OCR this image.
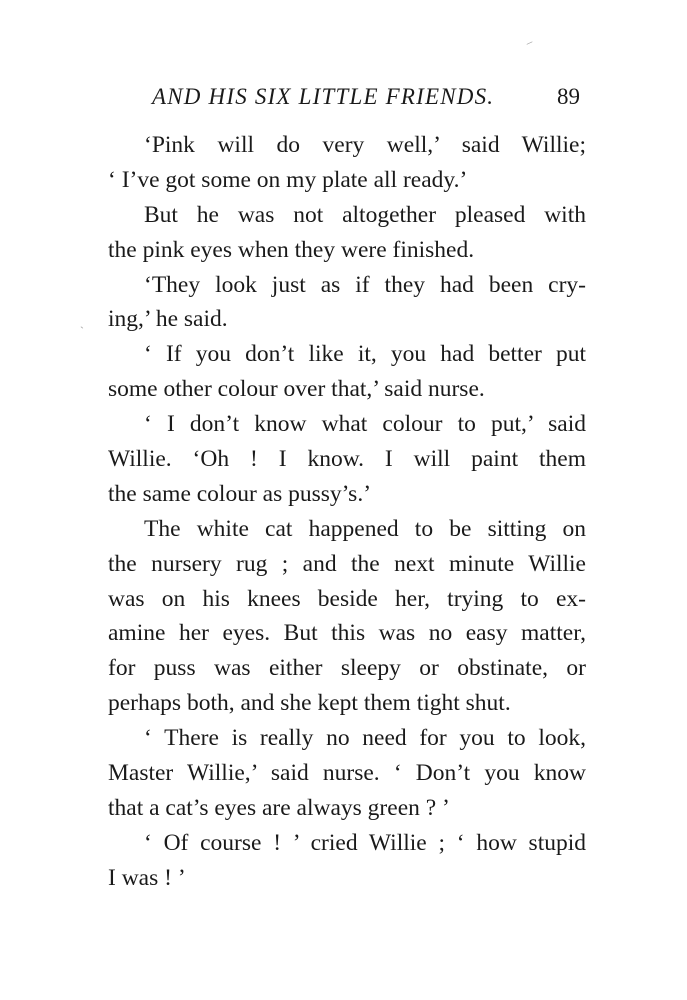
–
ˎ
AND HIS SIX LITTLE FRIENDS.	89
‘Pink will do very well,’ said Willie;
‘ I’ve got some on my plate all ready.’
But he was not altogether pleased with
the pink eyes when they were finished.
‘They look just as if they had been cry-
ing,’ he said.
‘ If you don’t like it, you had better put
some other colour over that,’ said nurse.
‘ I don’t know what colour to put,’ said
Willie. ‘Oh ! I know. I will paint them
the same colour as pussy’s.’
The white cat happened to be sitting on
the nursery rug ; and the next minute Willie
was on his knees beside her, trying to ex-
amine her eyes. But this was no easy matter,
for puss was either sleepy or obstinate, or
perhaps both, and she kept them tight shut.
‘ There is really no need for you to look,
Master Willie,’ said nurse. ‘ Don’t you know
that a cat’s eyes are always green ? ’
‘ Of course ! ’ cried Willie ; ‘ how stupid
I was ! ’
